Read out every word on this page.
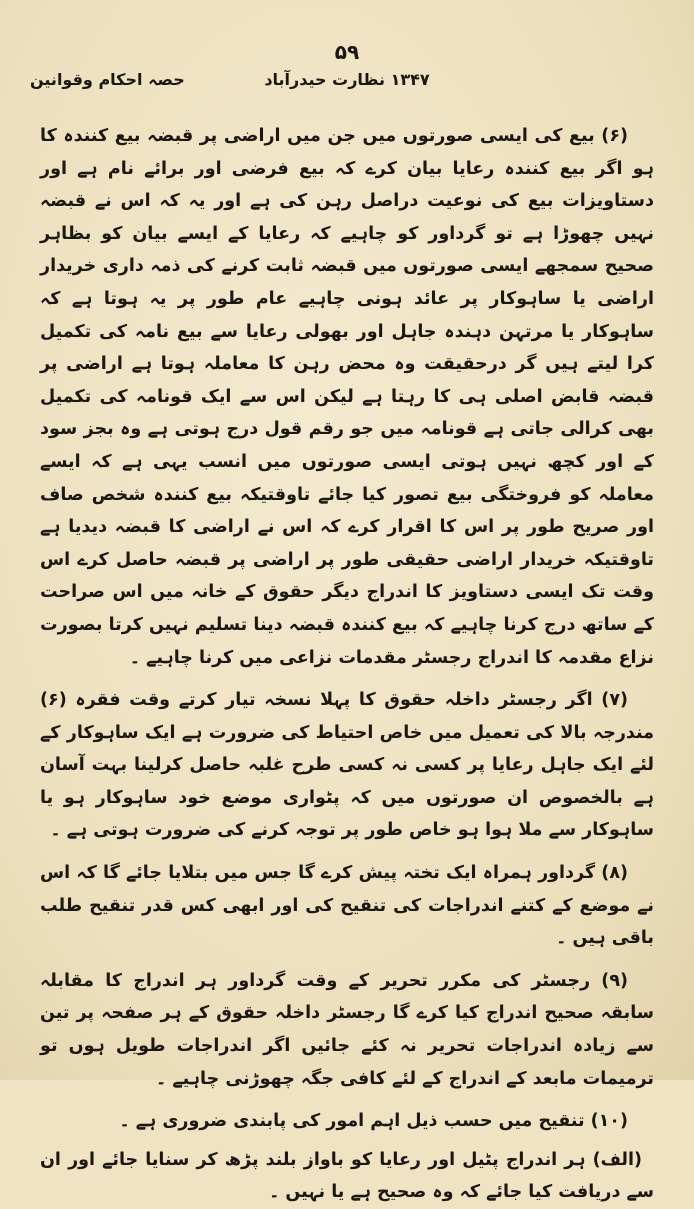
۵۹
۱۳۴۷ نظارت حیدرآباد
حصہ احکام وقوانین

(۶) بیع کی ایسی صورتوں میں جن میں اراضی پر قبضہ بیع کنندہ کا ہو اگر بیع کنندہ رعایا بیان کرے کہ بیع فرضی اور برائے نام ہے اور دستاویزات بیع کی نوعیت دراصل رہن کی ہے اور یہ کہ اس نے قبضہ نہیں چھوڑا ہے تو گرداور کو چاہیے کہ رعایا کے ایسے بیان کو بظاہر صحیح سمجھے ایسی صورتوں میں قبضہ ثابت کرنے کی ذمہ داری خریدار اراضی یا ساہوکار پر عائد ہونی چاہیے عام طور پر یہ ہوتا ہے کہ ساہوکار یا مرتہن دہندہ جاہل اور بھولی رعایا سے بیع نامہ کی تکمیل کرا لیتے ہیں گر درحقیقت وہ محض رہن کا معاملہ ہوتا ہے اراضی پر قبضہ قابض اصلی ہی کا رہتا ہے لیکن اس سے ایک قونامہ کی تکمیل بھی کرالی جاتی ہے قونامہ میں جو رقم قول درج ہوتی ہے وہ بجز سود کے اور کچھ نہیں ہوتی ایسی صورتوں میں انسب یہی ہے کہ ایسے معاملہ کو فروختگی بیع تصور کیا جائے تاوقتیکہ بیع کنندہ شخص صاف اور صریح طور پر اس کا اقرار کرے کہ اس نے اراضی کا قبضہ دیدیا ہے تاوقتیکہ خریدار اراضی حقیقی طور پر اراضی پر قبضہ حاصل کرے اس وقت تک ایسی دستاویز کا اندراج دیگر حقوق کے خانہ میں اس صراحت کے ساتھ درج کرنا چاہیے کہ بیع کنندہ قبضہ دینا تسلیم نہیں کرتا بصورت نزاع مقدمہ کا اندراج رجسٹر مقدمات نزاعی میں کرنا چاہیے ۔

(۷) اگر رجسٹر داخلہ حقوق کا پہلا نسخہ تیار کرتے وقت فقرہ (۶) مندرجہ بالا کی تعمیل میں خاص احتیاط کی ضرورت ہے ایک ساہوکار کے لئے ایک جاہل رعایا پر کسی نہ کسی طرح غلبہ حاصل کرلینا بہت آسان ہے بالخصوص ان صورتوں میں کہ پٹواری موضع خود ساہوکار ہو یا ساہوکار سے ملا ہوا ہو خاص طور پر توجہ کرنے کی ضرورت ہوتی ہے ۔

(۸) گرداور ہمراہ ایک تختہ پیش کرے گا جس میں بتلایا جائے گا کہ اس نے موضع کے کتنے اندراجات کی تنقیح کی اور ابھی کس قدر تنقیح طلب باقی ہیں ۔

(۹) رجسٹر کی مکرر تحریر کے وقت گرداور ہر اندراج کا مقابلہ سابقہ صحیح اندراج کیا کرے گا رجسٹر داخلہ حقوق کے ہر صفحہ پر تین سے زیادہ اندراجات تحریر نہ کئے جائیں اگر اندراجات طویل ہوں تو ترمیمات مابعد کے اندراج کے لئے کافی جگہ چھوڑنی چاہیے ۔

(۱۰) تنقیح میں حسب ذیل اہم امور کی پابندی ضروری ہے ۔

(الف) ہر اندراج پٹیل اور رعایا کو باواز بلند پڑھ کر سنایا جائے اور ان سے دریافت کیا جائے کہ وہ صحیح ہے یا نہیں ۔
